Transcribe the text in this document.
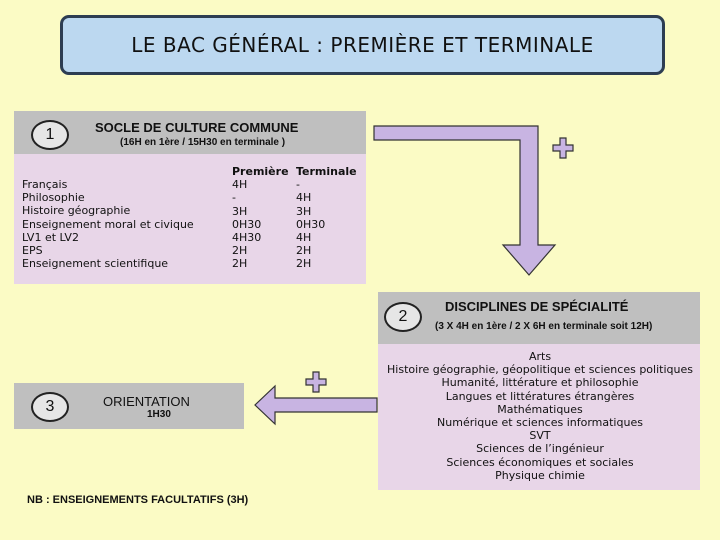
LE BAC GÉNÉRAL : PREMIÈRE ET TERMINALE
1	SOCLE DE CULTURE COMMUNE
(16H en 1ère / 15H30 en terminale )
Français
Philosophie
Histoire géographie
Enseignement moral et civique
LV1 et LV2
EPS
Enseignement scientifique
Première
4H
-
3H
0H30
4H30
2H
2H
Terminale
-
4H
3H
0H30
4H
2H
2H
2
DISCIPLINES DE SPÉCIALITÉ
(3 X 4H en 1ère / 2 X 6H en terminale soit 12H)
Arts
Histoire géographie, géopolitique et sciences politiques
Humanité, littérature et philosophie
Langues et littératures étrangères
Mathématiques
Numérique et sciences informatiques
SVT
Sciences de l’ingénieur
Sciences économiques et sociales
Physique chimie
3	ORIENTATION
1H30
NB : ENSEIGNEMENTS FACULTATIFS (3H)
